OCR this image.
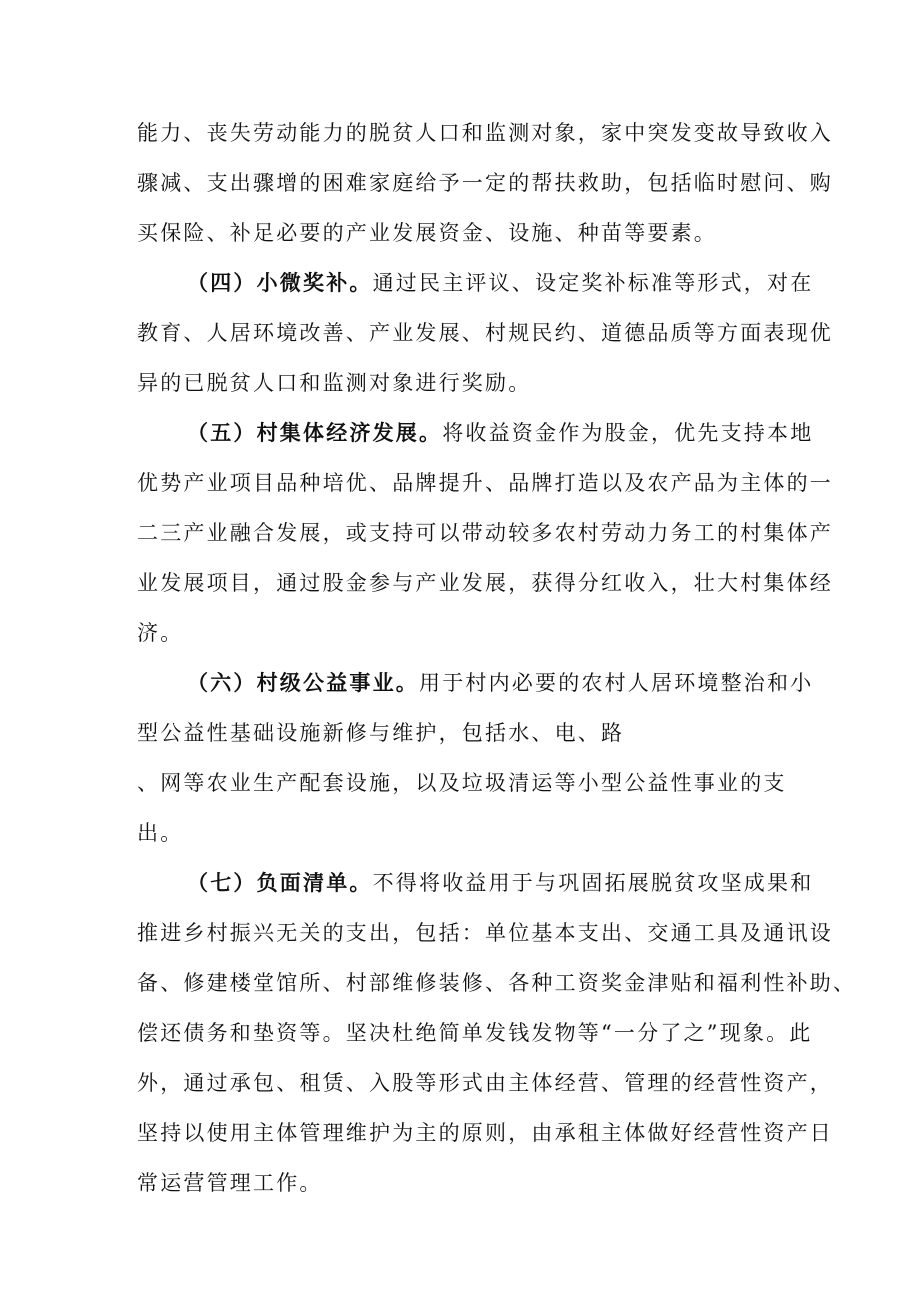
能力、丧失劳动能力的脱贫人口和监测对象，家中突发变故导致收入
骤减、支出骤增的困难家庭给予一定的帮扶救助，包括临时慰问、购
买保险、补足必要的产业发展资金、设施、种苗等要素。
（四）小微奖补。通过民主评议、设定奖补标准等形式，对在
教育、人居环境改善、产业发展、村规民约、道德品质等方面表现优
异的已脱贫人口和监测对象进行奖励。
（五）村集体经济发展。将收益资金作为股金，优先支持本地
优势产业项目品种培优、品牌提升、品牌打造以及农产品为主体的一
二三产业融合发展，或支持可以带动较多农村劳动力务工的村集体产
业发展项目，通过股金参与产业发展，获得分红收入，壮大村集体经
济。
（六）村级公益事业。用于村内必要的农村人居环境整治和小
型公益性基础设施新修与维护，包括水、电、路
、网等农业生产配套设施，以及垃圾清运等小型公益性事业的支
出。
（七）负面清单。不得将收益用于与巩固拓展脱贫攻坚成果和
推进乡村振兴无关的支出，包括：单位基本支出、交通工具及通讯设
备、修建楼堂馆所、村部维修装修、各种工资奖金津贴和福利性补助、
偿还债务和垫资等。坚决杜绝简单发钱发物等“一分了之”现象。此
外，通过承包、租赁、入股等形式由主体经营、管理的经营性资产，
坚持以使用主体管理维护为主的原则，由承租主体做好经营性资产日
常运营管理工作。
